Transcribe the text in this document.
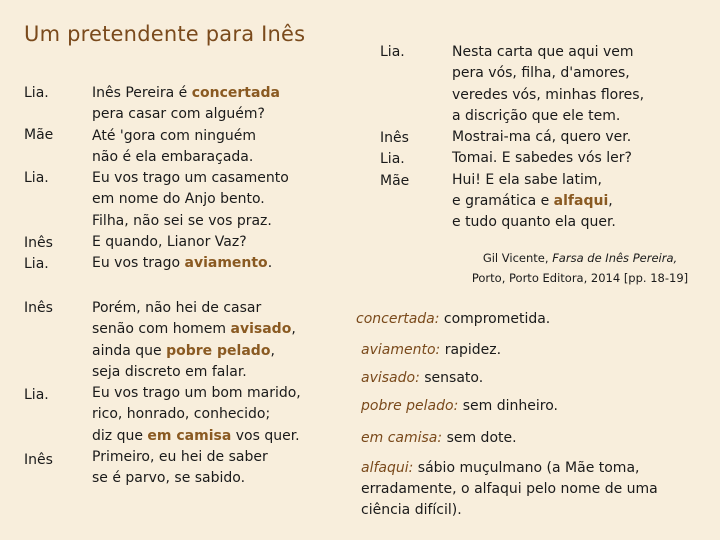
Um pretendente para Inês
Lia.
Mãe
Lia.
Inês
Lia.
Inês Pereira é concertada
pera casar com alguém?
Até 'gora com ninguém
não é ela embaraçada.
Eu vos trago um casamento
em nome do Anjo bento.
Filha, não sei se vos praz.
E quando, Lianor Vaz?
Eu vos trago aviamento.
Inês
Lia.
Inês
Porém, não hei de casar
senão com homem avisado,
ainda que pobre pelado,
seja discreto em falar.
Eu vos trago um bom marido,
rico, honrado, conhecido;
diz que em camisa vos quer.
Primeiro, eu hei de saber
se é parvo, se sabido.
Lia.
Inês
Lia.
Mãe
Nesta carta que aqui vem
pera vós, filha, d'amores,
veredes vós, minhas flores,
a discrição que ele tem.
Mostrai-ma cá, quero ver.
Tomai. E sabedes vós ler?
Hui! E ela sabe latim,
e gramática e alfaqui,
e tudo quanto ela quer.
Gil Vicente, Farsa de Inês Pereira,
Porto, Porto Editora, 2014 [pp. 18-19]
concertada: comprometida.
aviamento: rapidez.
avisado: sensato.
pobre pelado: sem dinheiro.
em camisa: sem dote.
alfaqui: sábio muçulmano (a Mãe toma, erradamente, o alfaqui pelo nome de uma ciência difícil).
